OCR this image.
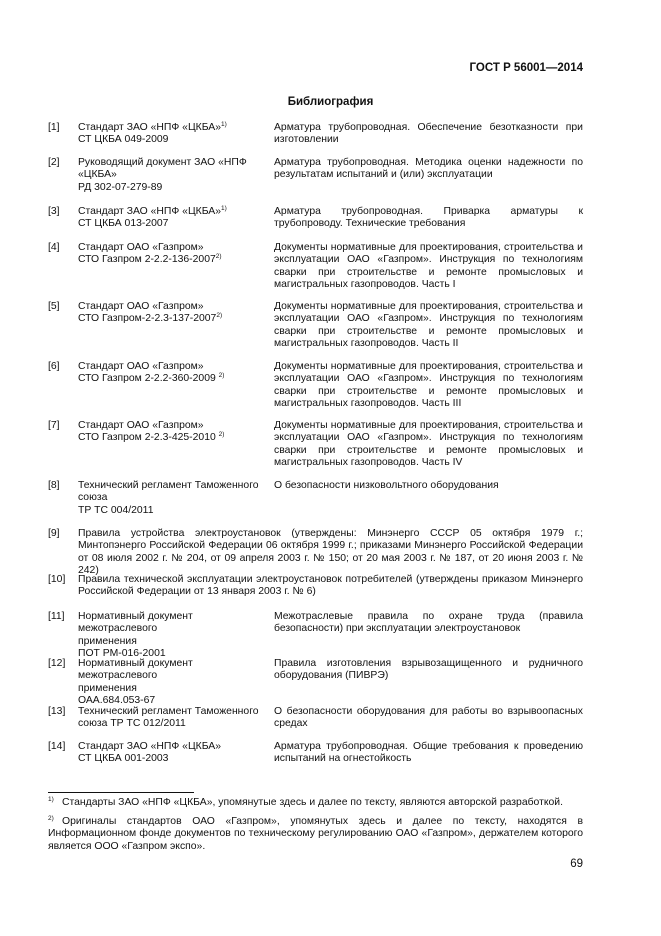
ГОСТ Р 56001—2014
Библиография
[1] Стандарт ЗАО «НПФ «ЦКБА»$^{1)}$
СТ ЦКБА 049-2009
Арматура трубопроводная. Обеспечение безотказности при изготовлении
[2] Руководящий документ ЗАО «НПФ
«ЦКБА»
РД 302-07-279-89
Арматура трубопроводная. Методика оценки надежности по результатам испытаний и (или) эксплуатации
[3] Стандарт ЗАО «НПФ «ЦКБА»$^{1)}$
СТ ЦКБА 013-2007
Арматура трубопроводная. Приварка арматуры к трубопроводу. Технические требования
[4] Стандарт ОАО «Газпром»
СТО Газпром 2-2.2-136-2007$^{2)}$
Документы нормативные для проектирования, строительства и эксплуатации ОАО «Газпром». Инструкция по технологиям сварки при строительстве и ремонте промысловых и магистральных газопроводов. Часть I
[5] Стандарт ОАО «Газпром»
СТО Газпром-2-2.3-137-2007$^{2)}$
Документы нормативные для проектирования, строительства и эксплуатации ОАО «Газпром». Инструкция по технологиям сварки при строительстве и ремонте промысловых и магистральных газопроводов. Часть II
[6] Стандарт ОАО «Газпром»
СТО Газпром 2-2.2-360-2009 $^{2)}$
Документы нормативные для проектирования, строительства и эксплуатации ОАО «Газпром». Инструкция по технологиям сварки при строительстве и ремонте промысловых и магистральных газопроводов. Часть III
[7] Стандарт ОАО «Газпром»
СТО Газпром 2-2.3-425-2010 $^{2)}$
Документы нормативные для проектирования, строительства и эксплуатации ОАО «Газпром». Инструкция по технологиям сварки при строительстве и ремонте промысловых и магистральных газопроводов. Часть IV
[8] Технический регламент Таможенного
союза
ТР ТС 004/2011
О безопасности низковольтного оборудования
[9] Правила устройства электроустановок (утверждены: Минэнерго СССР 05 октября 1979 г.; Минтопэнерго Российской Федерации 06 октября 1999 г.; приказами Минэнерго Российской Федерации от 08 июля 2002 г. № 204, от 09 апреля 2003 г. № 150; от 20 мая 2003 г. № 187, от 20 июня 2003 г. № 242)
[10] Правила технической эксплуатации электроустановок потребителей (утверждены приказом Минэнерго Российской Федерации от 13 января 2003 г. № 6)
[11] Нормативный документ межотраслевого
применения
ПОТ РМ-016-2001
Межотраслевые правила по охране труда (правила безопасности) при эксплуатации электроустановок
[12] Нормативный документ межотраслевого
применения
ОАА.684.053-67
Правила изготовления взрывозащищенного и рудничного оборудования (ПИВРЭ)
[13] Технический регламент Таможенного
союза ТР ТС 012/2011
О безопасности оборудования для работы во взрывоопасных средах
[14] Стандарт ЗАО «НПФ «ЦКБА»
СТ ЦКБА 001-2003
Арматура трубопроводная. Общие требования к проведению испытаний на огнестойкость
1) Стандарты ЗАО «НПФ «ЦКБА», упомянутые здесь и далее по тексту, являются авторской разработкой.
2) Оригиналы стандартов ОАО «Газпром», упомянутых здесь и далее по тексту, находятся в Информационном фонде документов по техническому регулированию ОАО «Газпром», держателем которого является ООО «Газпром экспо».
69
